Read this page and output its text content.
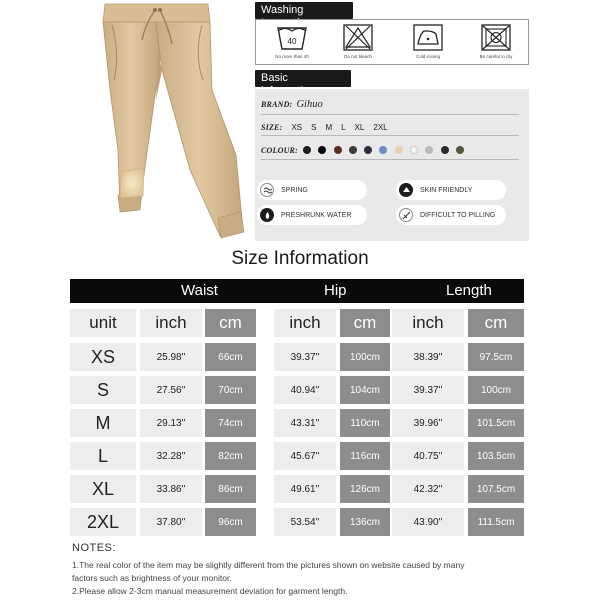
Washing
40
No more than 40	Do not bleach	Cold ironing	Be careful to dry
Basic
BRAND: Gihuo
SIZE: XS S M L XL 2XL
COLOUR:
SPRING	SKIN FRIENDLY
PRESHRUNK WATER	DIFFICULT TO PILLING
Size Information
Waist	Hip	Length
unit	inch	cm	inch	cm	inch	cm
XS	25.98''	66cm	39.37''	100cm	38.39''	97.5cm
S	27.56''	70cm	40.94''	104cm	39.37''	100cm
M	29.13''	74cm	43.31''	110cm	39.96''	101.5cm
L	32.28''	82cm	45.67''	116cm	40.75''	103.5cm
XL	33.86''	86cm	49.61''	126cm	42.32''	107.5cm
2XL	37.80''	96cm	53.54''	136cm	43.90''	111.5cm
NOTES:
1.The real color of the item may be slightly different from the pictures shown on website caused by many
factors such as brightness of your monitor.
2.Please allow 2-3cm manual measurement deviation for garment length.
